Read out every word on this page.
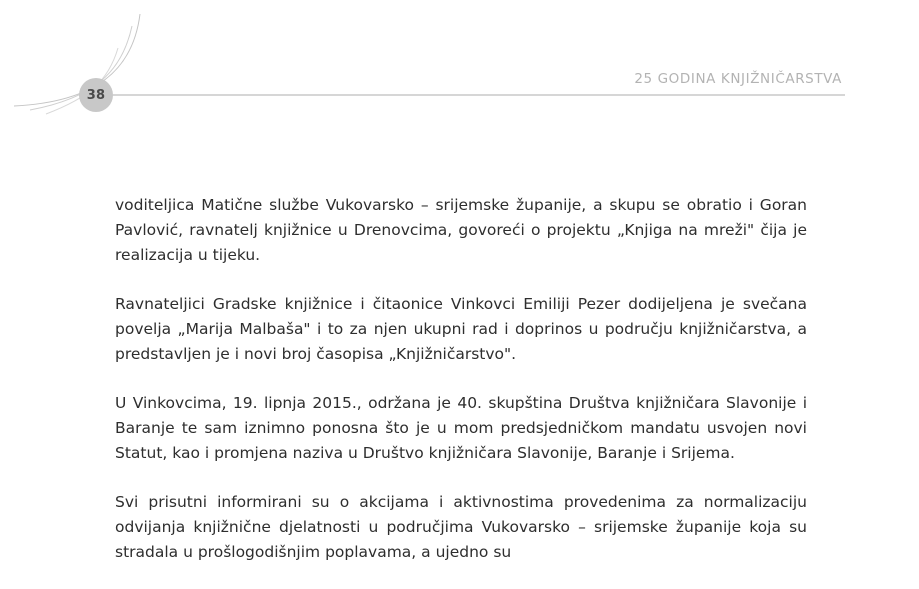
38
25 GODINA KNJIŽNIČARSTVA

voditeljica Matične službe Vukovarsko – srijemske županije, a skupu se obratio i Goran Pavlović, ravnatelj knjižnice u Drenovcima, govoreći o projektu „Knjiga na mreži" čija je realizacija u tijeku.

Ravnateljici Gradske knjižnice i čitaonice Vinkovci Emiliji Pezer dodijeljena je svečana povelja „Marija Malbaša" i to za njen ukupni rad i doprinos u području knjižničarstva, a predstavljen je i novi broj časopisa „Knjižničarstvo".

U Vinkovcima, 19. lipnja 2015., održana je 40. skupština Društva knjižničara Slavonije i Baranje te sam iznimno ponosna što je u mom predsjedničkom mandatu usvojen novi Statut, kao i promjena naziva u Društvo knjižničara Slavonije, Baranje i Srijema.

Svi prisutni informirani su o akcijama i aktivnostima provedenima za normalizaciju odvijanja knjižnične djelatnosti u područjima Vukovarsko – srijemske županije koja su stradala u prošlogodišnjim poplavama, a ujedno su
